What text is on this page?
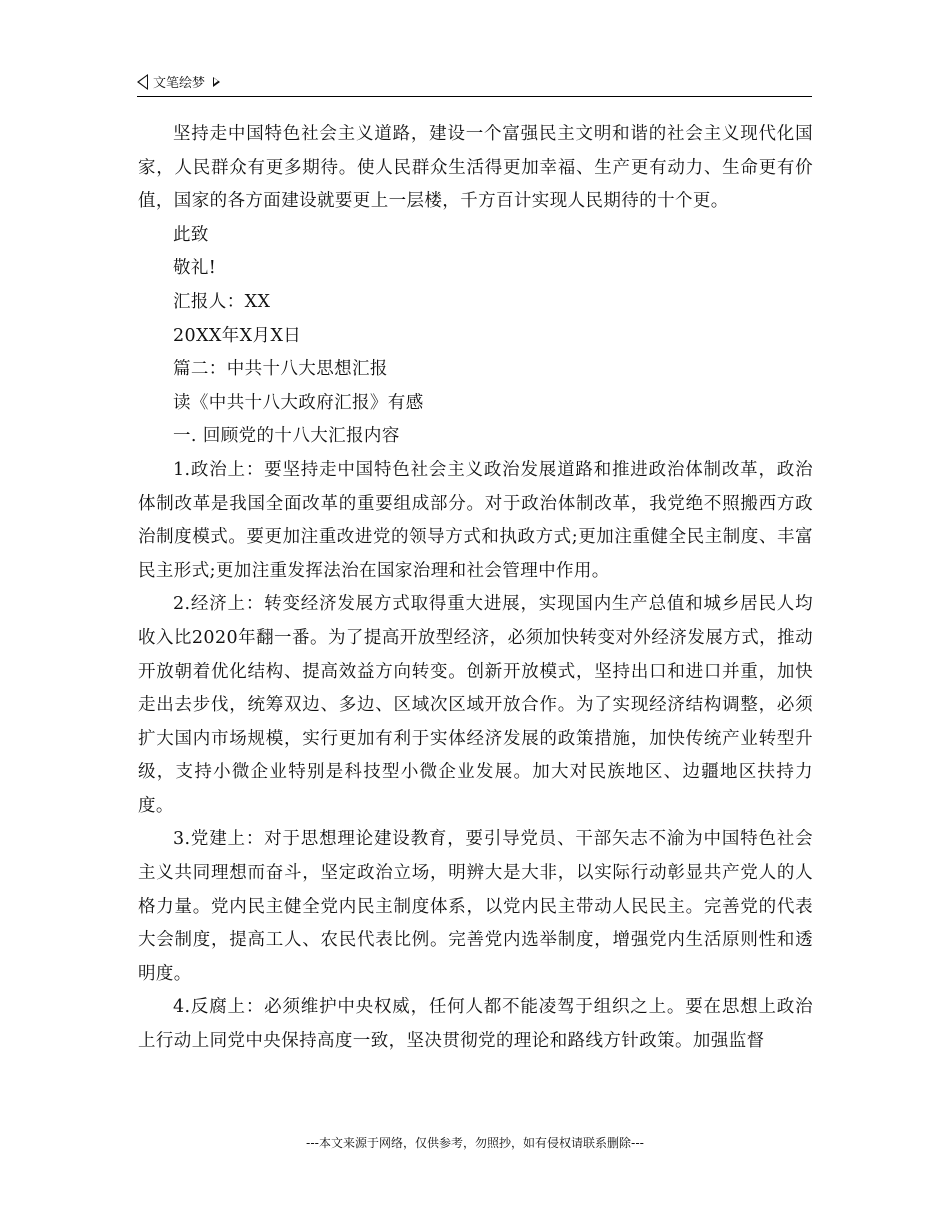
文笔绘梦

坚持走中国特色社会主义道路，建设一个富强民主文明和谐的社会主义现代化国家，人民群众有更多期待。使人民群众生活得更加幸福、生产更有动力、生命更有价值，国家的各方面建设就要更上一层楼，千方百计实现人民期待的十个更。

此致

敬礼!

汇报人：XX

20XX年X月X日

篇二：中共十八大思想汇报

读《中共十八大政府汇报》有感

一. 回顾党的十八大汇报内容

1.政治上：要坚持走中国特色社会主义政治发展道路和推进政治体制改革，政治体制改革是我国全面改革的重要组成部分。对于政治体制改革，我党绝不照搬西方政治制度模式。要更加注重改进党的领导方式和执政方式;更加注重健全民主制度、丰富民主形式;更加注重发挥法治在国家治理和社会管理中作用。

2.经济上：转变经济发展方式取得重大进展，实现国内生产总值和城乡居民人均收入比2020年翻一番。为了提高开放型经济，必须加快转变对外经济发展方式，推动开放朝着优化结构、提高效益方向转变。创新开放模式，坚持出口和进口并重，加快走出去步伐，统筹双边、多边、区域次区域开放合作。为了实现经济结构调整，必须扩大国内市场规模，实行更加有利于实体经济发展的政策措施，加快传统产业转型升级，支持小微企业特别是科技型小微企业发展。加大对民族地区、边疆地区扶持力度。

3.党建上：对于思想理论建设教育，要引导党员、干部矢志不渝为中国特色社会主义共同理想而奋斗，坚定政治立场，明辨大是大非，以实际行动彰显共产党人的人格力量。党内民主健全党内民主制度体系，以党内民主带动人民民主。完善党的代表大会制度，提高工人、农民代表比例。完善党内选举制度，增强党内生活原则性和透明度。

4.反腐上：必须维护中央权威，任何人都不能凌驾于组织之上。要在思想上政治上行动上同党中央保持高度一致，坚决贯彻党的理论和路线方针政策。加强监督

---本文来源于网络，仅供参考，勿照抄，如有侵权请联系删除---
